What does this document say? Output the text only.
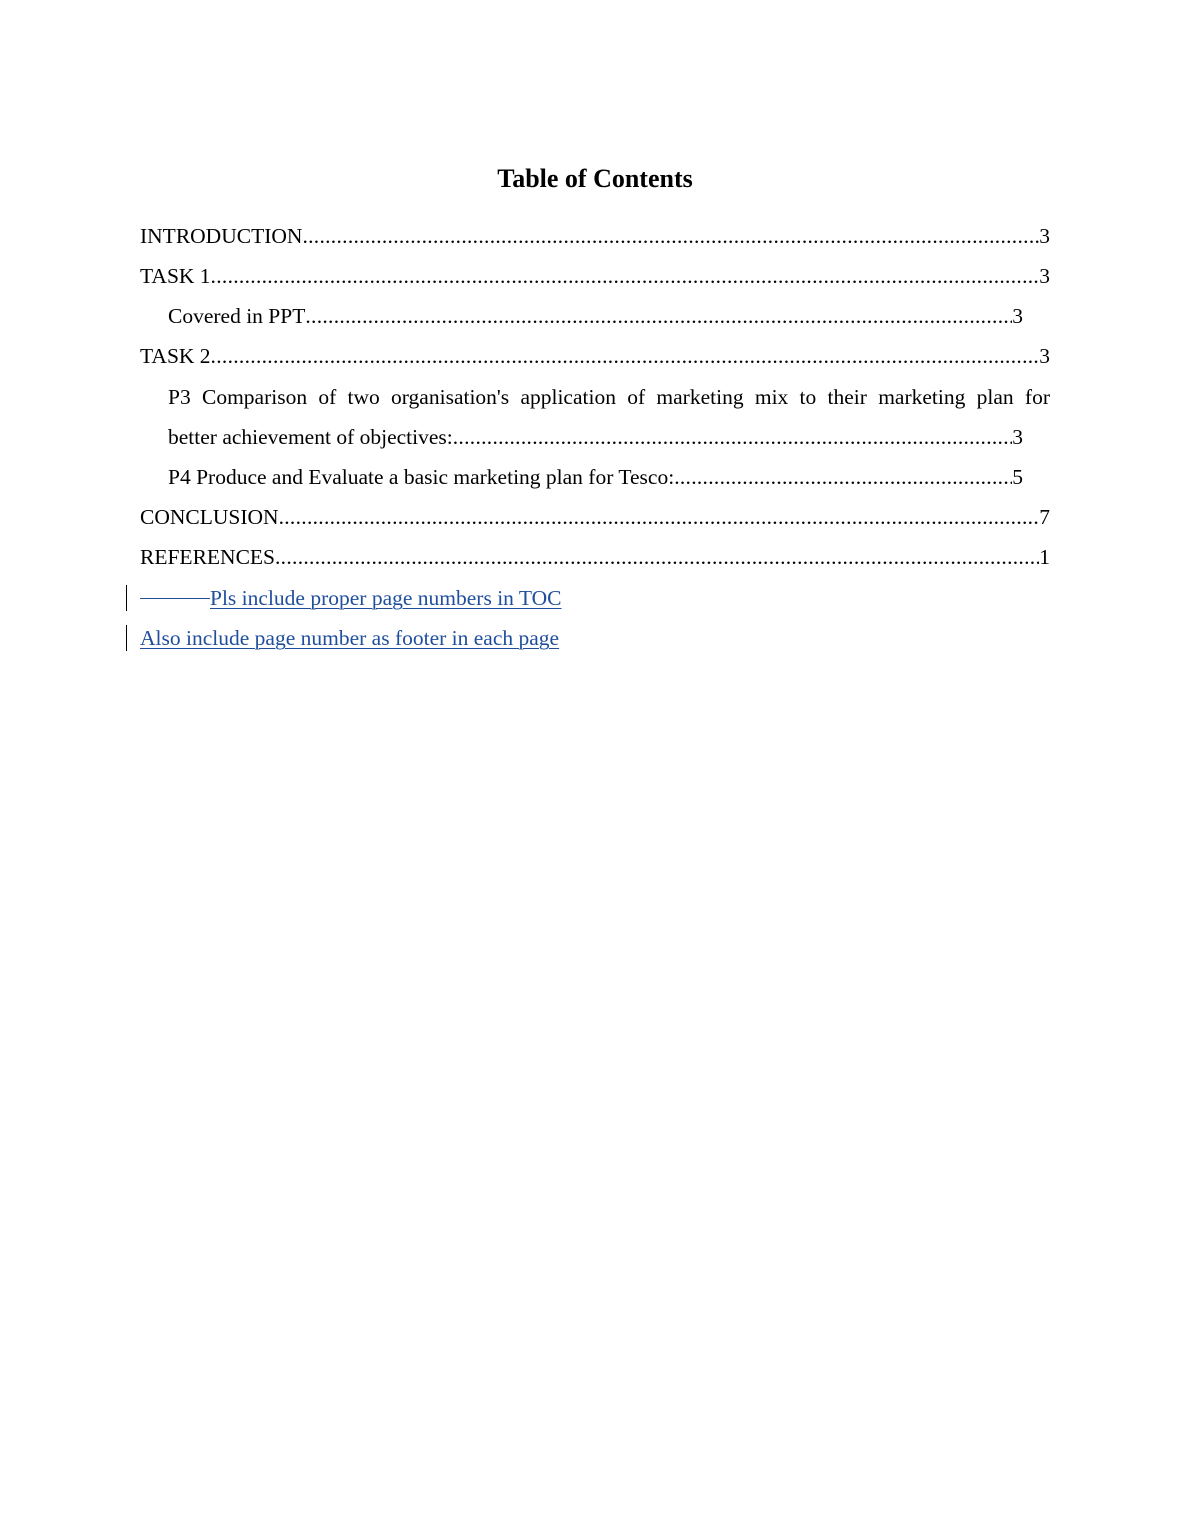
Table of Contents
INTRODUCTION .....	3
TASK 1 .....	3
Covered in PPT .....	3
TASK 2 .....	3
P3 Comparison of two organisation's application of marketing mix to their marketing plan for
better achievement of objectives: .....	3
P4 Produce and Evaluate a basic marketing plan for Tesco: .....	5
CONCLUSION .....	7
REFERENCES .....	1
Pls include proper page numbers in TOC
Also include page number as footer in each page
